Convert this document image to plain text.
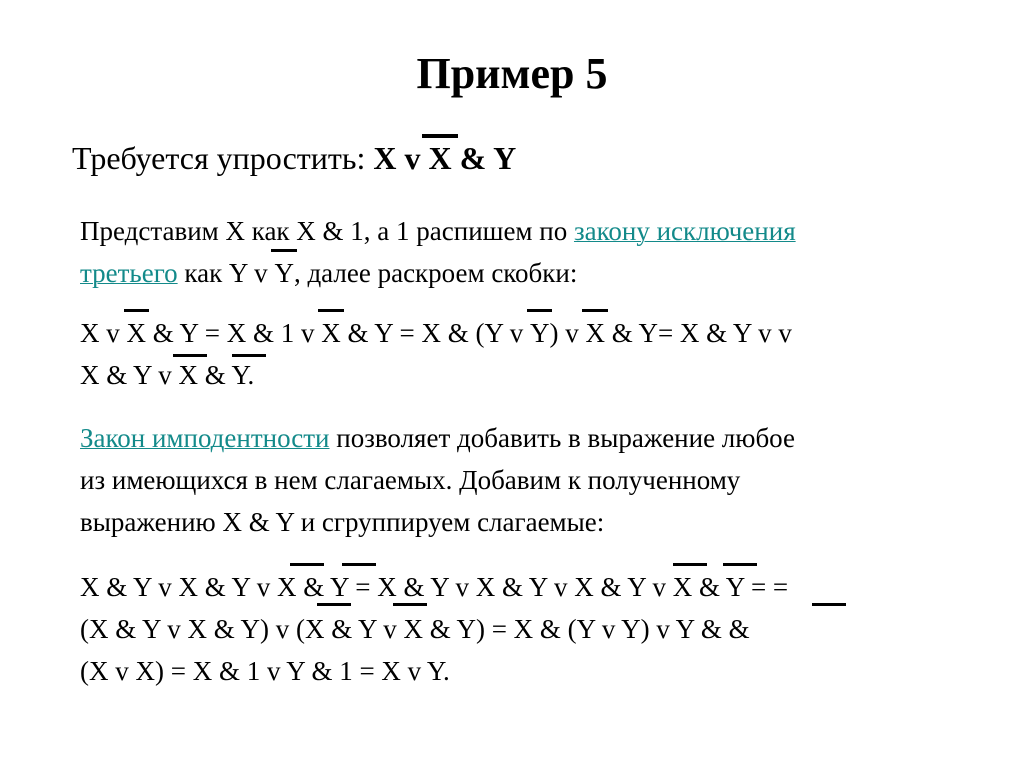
Пример 5
Требуется упростить: X v X & Y
Представим X как X & 1, а 1 распишем по закону исключения
третьего как Y v Y, далее раскроем скобки:
X v X & Y = X & 1 v X & Y = X & (Y v Y) v X & Y= X & Y v v
X & Y v X & Y.
Закон имподентности позволяет добавить в выражение любое
из имеющихся в нем слагаемых. Добавим к полученному
выражению X & Y и сгруппируем слагаемые:
X & Y v X & Y v X & Y = X & Y v X & Y v X & Y v X & Y = =
(X & Y v X & Y) v (X & Y v X & Y) = X & (Y v Y) v Y & &
(X v X) = X & 1 v Y & 1 = X v Y.
